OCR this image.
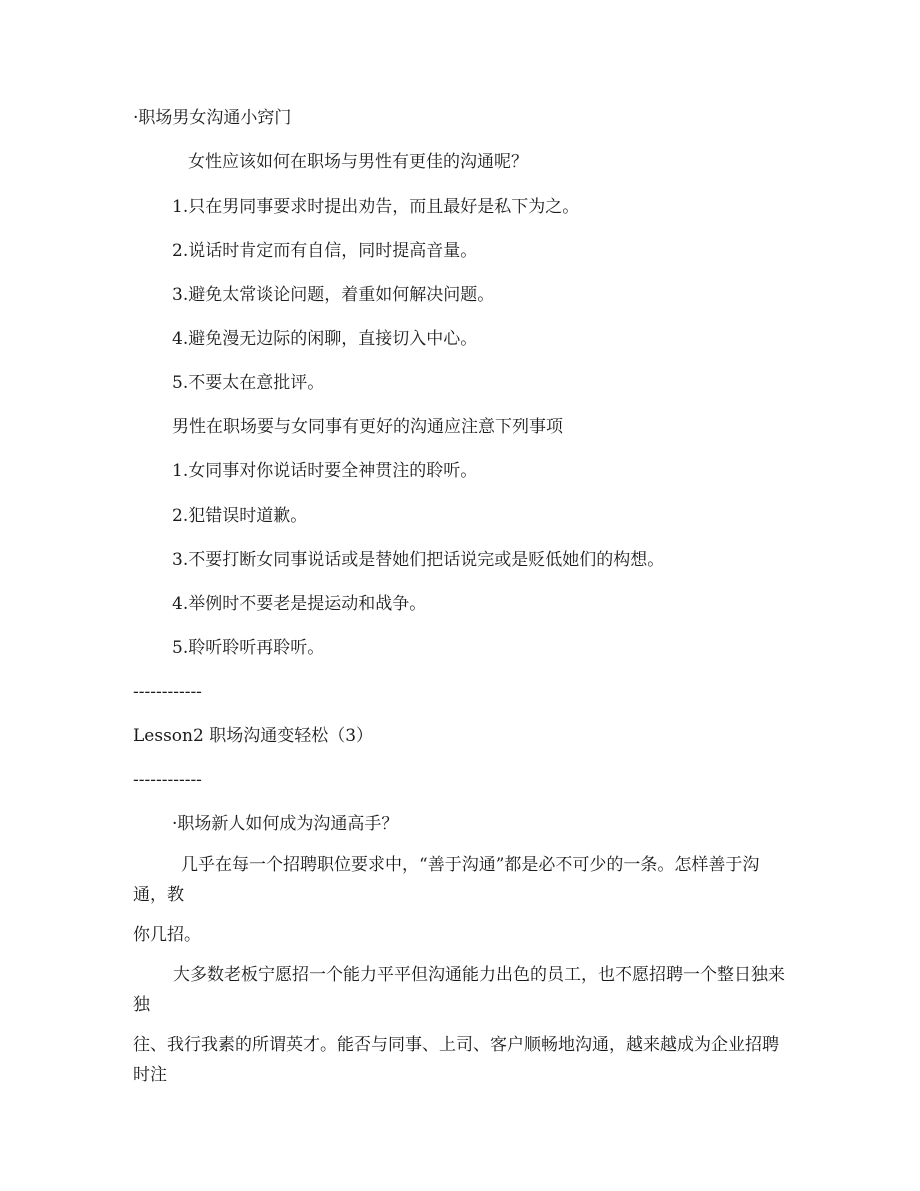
·职场男女沟通小窍门
女性应该如何在职场与男性有更佳的沟通呢？
1.只在男同事要求时提出劝告，而且最好是私下为之。
2.说话时肯定而有自信，同时提高音量。
3.避免太常谈论问题，着重如何解决问题。
4.避免漫无边际的闲聊，直接切入中心。
5.不要太在意批评。
男性在职场要与女同事有更好的沟通应注意下列事项
1.女同事对你说话时要全神贯注的聆听。
2.犯错误时道歉。
3.不要打断女同事说话或是替她们把话说完或是贬低她们的构想。
4.举例时不要老是提运动和战争。
5.聆听聆听再聆听。
------------
Lesson2 职场沟通变轻松（3）
------------
·职场新人如何成为沟通高手？
几乎在每一个招聘职位要求中，“善于沟通”都是必不可少的一条。怎样善于沟通，教
你几招。
大多数老板宁愿招一个能力平平但沟通能力出色的员工，也不愿招聘一个整日独来独
往、我行我素的所谓英才。能否与同事、上司、客户顺畅地沟通，越来越成为企业招聘时注
